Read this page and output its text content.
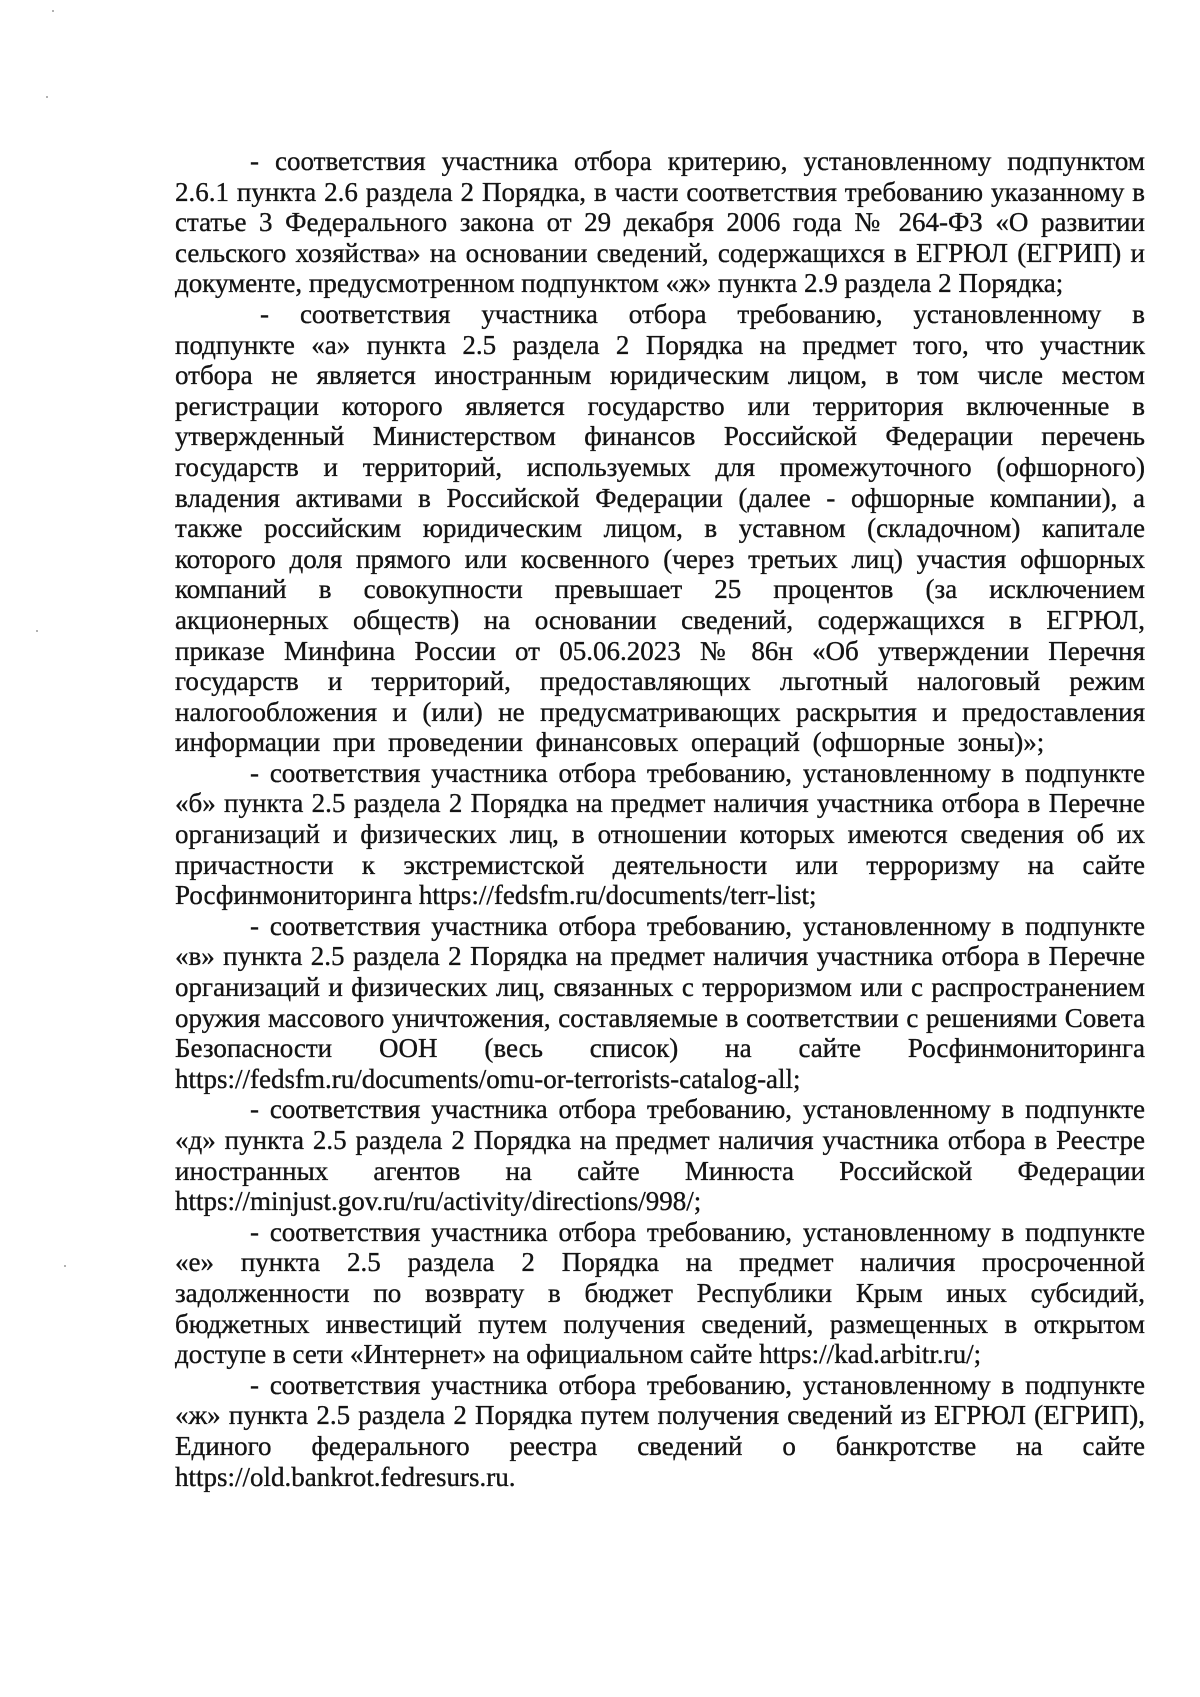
- соответствия участника отбора критерию, установленному подпунктом 2.6.1 пункта 2.6 раздела 2 Порядка, в части соответствия требованию указанному в статье 3 Федерального закона от 29 декабря 2006 года № 264-ФЗ «О развитии сельского хозяйства» на основании сведений, содержащихся в ЕГРЮЛ (ЕГРИП) и документе, предусмотренном подпунктом «ж» пункта 2.9 раздела 2 Порядка;

- соответствия участника отбора требованию, установленному в подпункте «а» пункта 2.5 раздела 2 Порядка на предмет того, что участник отбора не является иностранным юридическим лицом, в том числе местом регистрации которого является государство или территория включенные в утвержденный Министерством финансов Российской Федерации перечень государств и территорий, используемых для промежуточного (офшорного) владения активами в Российской Федерации (далее - офшорные компании), а также российским юридическим лицом, в уставном (складочном) капитале которого доля прямого или косвенного (через третьих лиц) участия офшорных компаний в совокупности превышает 25 процентов (за исключением акционерных обществ) на основании сведений, содержащихся в ЕГРЮЛ, приказе Минфина России от 05.06.2023 № 86н «Об утверждении Перечня государств и территорий, предоставляющих льготный налоговый режим налогообложения и (или) не предусматривающих раскрытия и предоставления информации при проведении финансовых операций (офшорные зоны)»;

- соответствия участника отбора требованию, установленному в подпункте «б» пункта 2.5 раздела 2 Порядка на предмет наличия участника отбора в Перечне организаций и физических лиц, в отношении которых имеются сведения об их причастности к экстремистской деятельности или терроризму на сайте Росфинмониторинга https://fedsfm.ru/documents/terr-list;

- соответствия участника отбора требованию, установленному в подпункте «в» пункта 2.5 раздела 2 Порядка на предмет наличия участника отбора в Перечне организаций и физических лиц, связанных с терроризмом или с распространением оружия массового уничтожения, составляемые в соответствии с решениями Совета Безопасности ООН (весь список) на сайте Росфинмониторинга https://fedsfm.ru/documents/omu-or-terrorists-catalog-all;

- соответствия участника отбора требованию, установленному в подпункте «д» пункта 2.5 раздела 2 Порядка на предмет наличия участника отбора в Реестре иностранных агентов на сайте Минюста Российской Федерации https://minjust.gov.ru/ru/activity/directions/998/;

- соответствия участника отбора требованию, установленному в подпункте «е» пункта 2.5 раздела 2 Порядка на предмет наличия просроченной задолженности по возврату в бюджет Республики Крым иных субсидий, бюджетных инвестиций путем получения сведений, размещенных в открытом доступе в сети «Интернет» на официальном сайте https://kad.arbitr.ru/;

- соответствия участника отбора требованию, установленному в подпункте «ж» пункта 2.5 раздела 2 Порядка путем получения сведений из ЕГРЮЛ (ЕГРИП), Единого федерального реестра сведений о банкротстве на сайте https://old.bankrot.fedresurs.ru.
